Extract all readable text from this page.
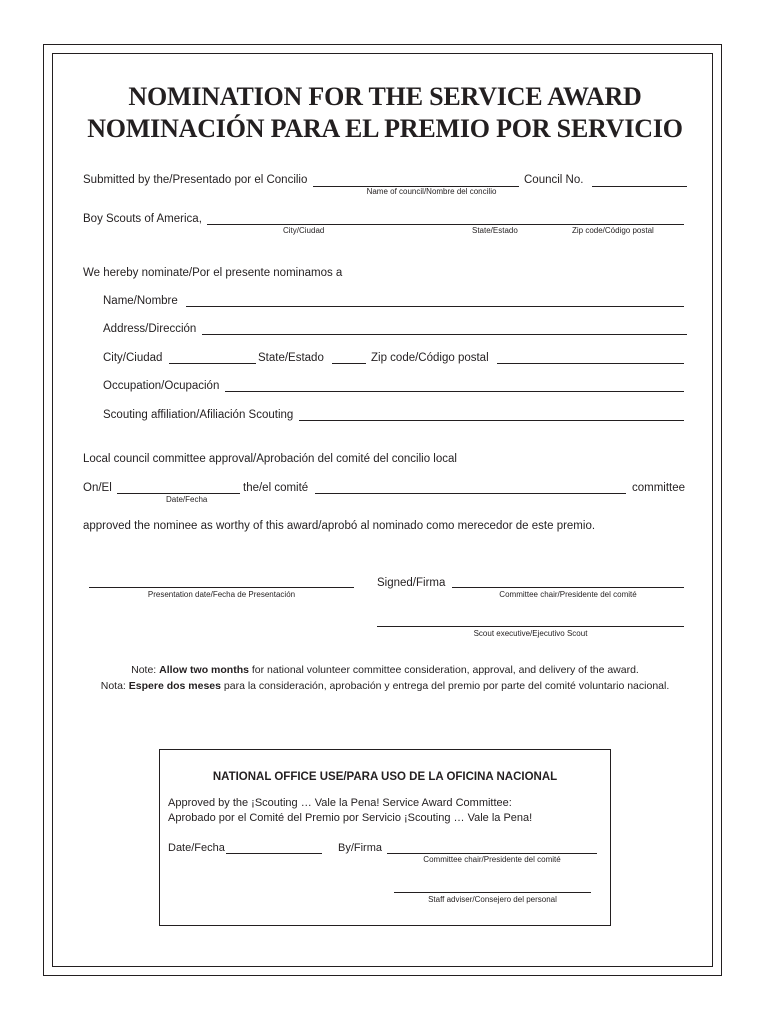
NOMINATION FOR THE SERVICE AWARD
NOMINACIÓN PARA EL PREMIO POR SERVICIO
Submitted by the/Presentado por el Concilio
Name of council/Nombre del concilio
Council No.
Boy Scouts of America,
City/Ciudad	State/Estado	Zip code/Código postal
We hereby nominate/Por el presente nominamos a
Name/Nombre
Address/Dirección
City/Ciudad	State/Estado	Zip code/Código postal
Occupation/Ocupación
Scouting affiliation/Afiliación Scouting
Local council committee approval/Aprobación del comité del concilio local
On/El
Date/Fecha
the/el comité	committee
approved the nominee as worthy of this award/aprobó al nominado como merecedor de este premio.
Presentation date/Fecha de Presentación
Signed/Firma
Committee chair/Presidente del comité
Scout executive/Ejecutivo Scout
Note: Allow two months for national volunteer committee consideration, approval, and delivery of the award.
Nota: Espere dos meses para la consideración, aprobación y entrega del premio por parte del comité voluntario nacional.
NATIONAL OFFICE USE/PARA USO DE LA OFICINA NACIONAL
Approved by the ¡Scouting … Vale la Pena! Service Award Committee:
Aprobado por el Comité del Premio por Servicio ¡Scouting … Vale la Pena!
Date/Fecha	By/Firma
Committee chair/Presidente del comité
Staff adviser/Consejero del personal
